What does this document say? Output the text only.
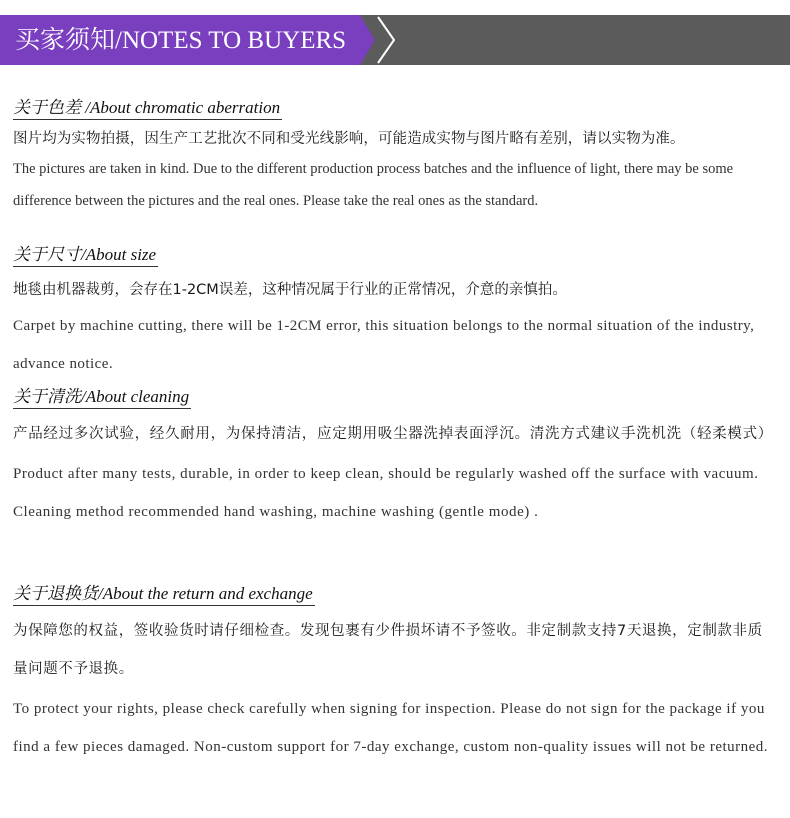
买家须知/NOTES TO BUYERS
关于色差 /About chromatic aberration

图片均为实物拍摄，因生产工艺批次不同和受光线影响，可能造成实物与图片略有差别，请以实物为准。

The pictures are taken in kind. Due to the different production process batches and the influence of light, there may be some difference between the pictures and the real ones. Please take the real ones as the standard.

关于尺寸/About size

地毯由机器裁剪，会存在1-2CM误差，这种情况属于行业的正常情况，介意的亲慎拍。

Carpet by machine cutting, there will be 1-2CM error, this situation belongs to the normal situation of the industry, advance notice.

关于清洗/About cleaning

产品经过多次试验，经久耐用，为保持清洁，应定期用吸尘器洗掉表面浮沉。清洗方式建议手洗机洗（轻柔模式）

Product after many tests, durable, in order to keep clean, should be regularly washed off the surface with vacuum. Cleaning method recommended hand washing, machine washing (gentle mode) .

关于退换货/About the return and exchange

为保障您的权益，签收验货时请仔细检查。发现包裹有少件损坏请不予签收。非定制款支持7天退换，定制款非质量问题不予退换。

To protect your rights, please check carefully when signing for inspection. Please do not sign for the package if you find a few pieces damaged. Non-custom support for 7-day exchange, custom non-quality issues will not be returned.
